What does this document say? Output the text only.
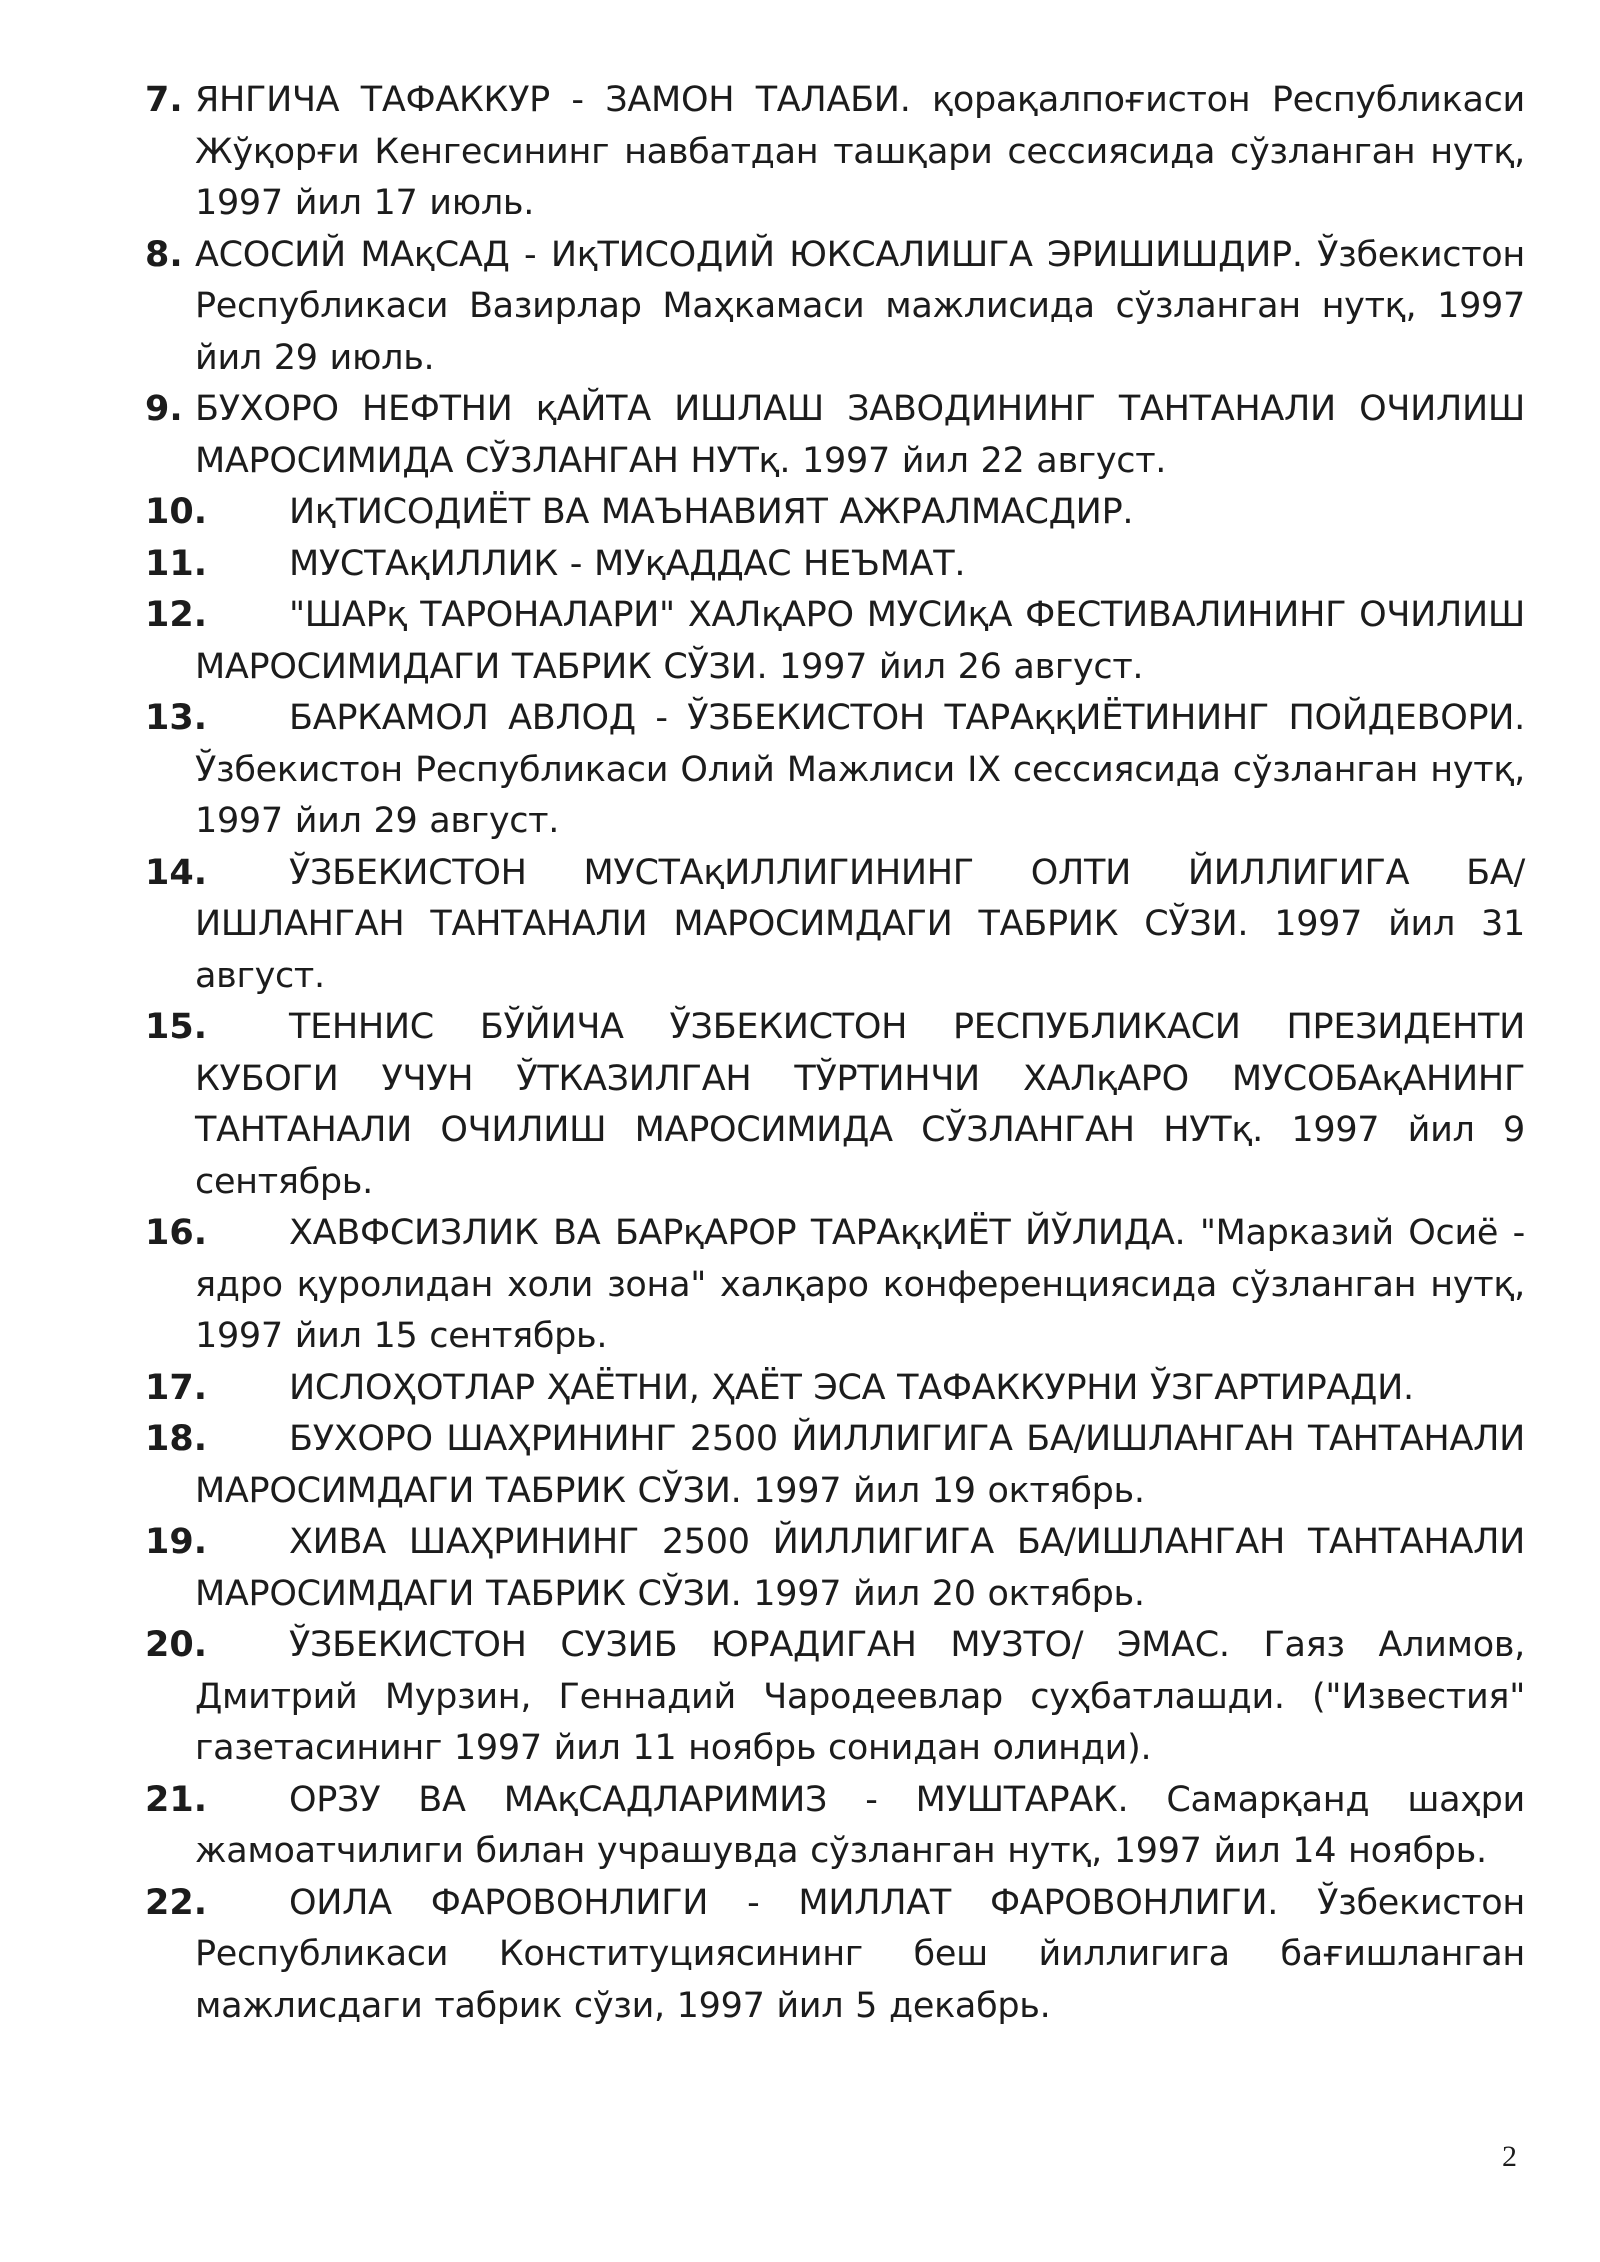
7. ЯНГИЧА ТАФАККУР - ЗАМОН ТАЛАБИ. қорақалпоғистон Республикаси Жўқорғи Кенгесининг навбатдан ташқари сессиясида сўзланган нутқ, 1997 йил 17 июль.

8. АСОСИЙ МАқСАД - ИқТИСОДИЙ ЮКСАЛИШГА ЭРИШИШДИР. Ўзбекистон Республикаси Вазирлар Маҳкамаси мажлисида сўзланган нутқ, 1997 йил 29 июль.

9. БУХОРО НЕФТНИ қАЙТА ИШЛАШ ЗАВОДИНИНГ ТАНТАНАЛИ ОЧИЛИШ МАРОСИМИДА СЎЗЛАНГАН НУТқ. 1997 йил 22 август.

10. ИқТИСОДИЁТ ВА МАЪНАВИЯТ АЖРАЛМАСДИР.

11. МУСТАқИЛЛИК - МУқАДДАС НЕЪМАТ.

12. "ШАРқ ТАРОНАЛАРИ" ХАЛқАРО МУСИқА ФЕСТИВАЛИНИНГ ОЧИЛИШ МАРОСИМИДАГИ ТАБРИК СЎЗИ. 1997 йил 26 август.

13. БАРКАМОЛ АВЛОД - ЎЗБЕКИСТОН ТАРАққИЁТИНИНГ ПОЙДЕВОРИ. Ўзбекистон Республикаси Олий Мажлиси IX сессиясида сўзланган нутқ, 1997 йил 29 август.

14. ЎЗБЕКИСТОН МУСТАқИЛЛИГИНИНГ ОЛТИ ЙИЛЛИГИГА БА/ИШЛАНГАН ТАНТАНАЛИ МАРОСИМДАГИ ТАБРИК СЎЗИ. 1997 йил 31 август.

15. ТЕННИС БЎЙИЧА ЎЗБЕКИСТОН РЕСПУБЛИКАСИ ПРЕЗИДЕНТИ КУБОГИ УЧУН ЎТКАЗИЛГАН ТЎРТИНЧИ ХАЛқАРО МУСОБАқАНИНГ ТАНТАНАЛИ ОЧИЛИШ МАРОСИМИДА СЎЗЛАНГАН НУТқ. 1997 йил 9 сентябрь.

16. ХАВФСИЗЛИК ВА БАРқАРОР ТАРАққИЁТ ЙЎЛИДА. "Марказий Осиё - ядро қуролидан холи зона" халқаро конференциясида сўзланган нутқ, 1997 йил 15 сентябрь.

17. ИСЛОҲОТЛАР ҲАЁТНИ, ҲАЁТ ЭСА ТАФАККУРНИ ЎЗГАРТИРАДИ.

18. БУХОРО ШАҲРИНИНГ 2500 ЙИЛЛИГИГА БА/ИШЛАНГАН ТАНТАНАЛИ МАРОСИМДАГИ ТАБРИК СЎЗИ. 1997 йил 19 октябрь.

19. ХИВА ШАҲРИНИНГ 2500 ЙИЛЛИГИГА БА/ИШЛАНГАН ТАНТАНАЛИ МАРОСИМДАГИ ТАБРИК СЎЗИ. 1997 йил 20 октябрь.

20. ЎЗБЕКИСТОН СУЗИБ ЮРАДИГАН МУЗТО/ ЭМАС. Гаяз Алимов, Дмитрий Мурзин, Геннадий Чародеевлар суҳбатлашди. ("Известия" газетасининг 1997 йил 11 ноябрь сонидан олинди).

21. ОРЗУ ВА МАқСАДЛАРИМИЗ - МУШТАРАК. Самарқанд шаҳри жамоатчилиги билан учрашувда сўзланган нутқ, 1997 йил 14 ноябрь.

22. ОИЛА ФАРОВОНЛИГИ - МИЛЛАТ ФАРОВОНЛИГИ. Ўзбекистон Республикаси Конституциясининг беш йиллигига бағишланган мажлисдаги табрик сўзи, 1997 йил 5 декабрь.

2
